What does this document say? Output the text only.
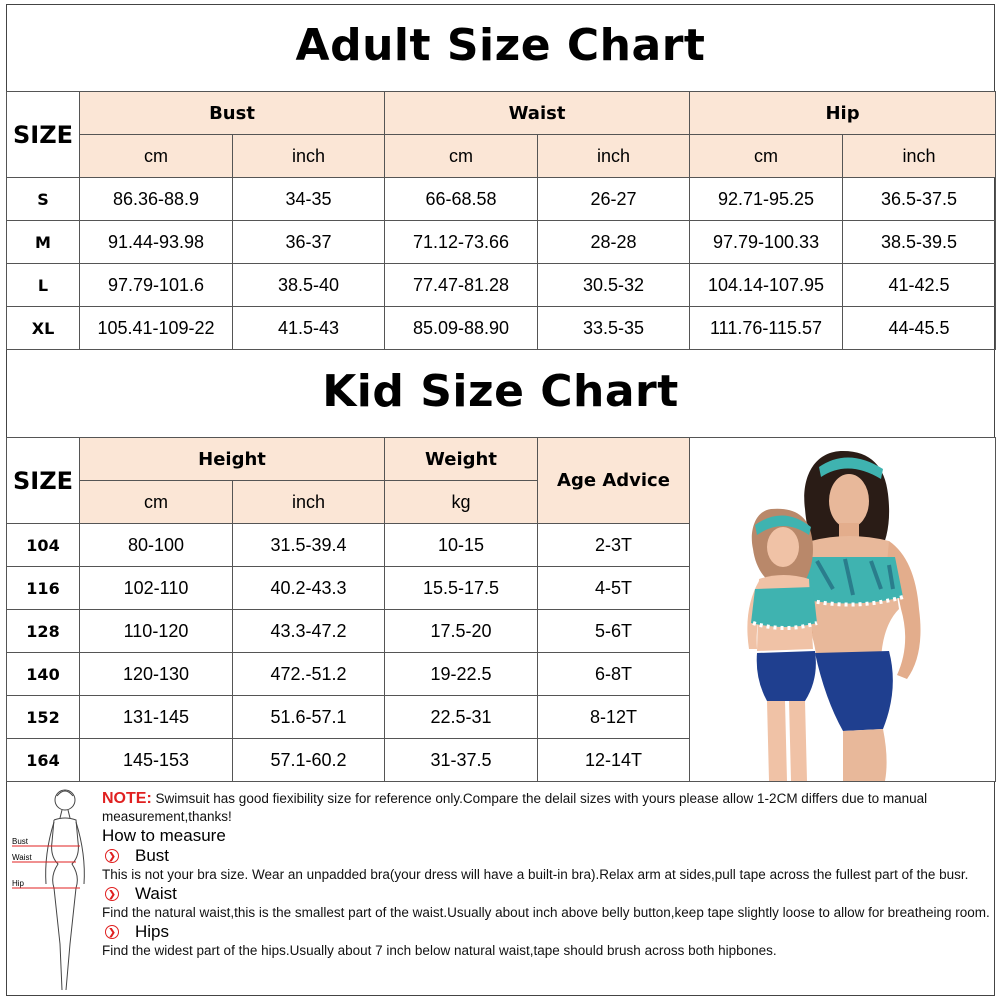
Adult Size Chart
SIZE	Bust		Waist		Hip	
	cm	inch	cm	inch	cm	inch
S	86.36-88.9	34-35	66-68.58	26-27	92.71-95.25	36.5-37.5
M	91.44-93.98	36-37	71.12-73.66	28-28	97.79-100.33	38.5-39.5
L	97.79-101.6	38.5-40	77.47-81.28	30.5-32	104.14-107.95	41-42.5
XL	105.41-109-22	41.5-43	85.09-88.90	33.5-35	111.76-115.57	44-45.5
Kid Size Chart
SIZE	Height		Weight	Age Advice	

	cm	inch	kg		
104	80-100	31.5-39.4	10-15	2-3T	
116	102-110	40.2-43.3	15.5-17.5	4-5T	
128	110-120	43.3-47.2	17.5-20	5-6T	
140	120-130	472.-51.2	19-22.5	6-8T	
152	131-145	51.6-57.1	22.5-31	8-12T	
164	145-153	57.1-60.2	31-37.5	12-14T	
Bust
Waist
Hip
NOTE: Swimsuit has good fiexibility size for reference only.Compare the delail sizes with yours please allow 1-2CM differs due to manual measurement,thanks!
How to measure
❯ Bust
This is not your bra size. Wear an unpadded bra(your dress will have a built-in bra).Relax arm at sides,pull tape across the fullest part of the busr.
❯ Waist
Find the natural waist,this is the smallest part of the waist.Usually about inch above belly button,keep tape slightly loose to allow for breatheing room.
❯ Hips
Find the widest part of the hips.Usually about 7 inch below natural waist,tape should brush across both hipbones.
